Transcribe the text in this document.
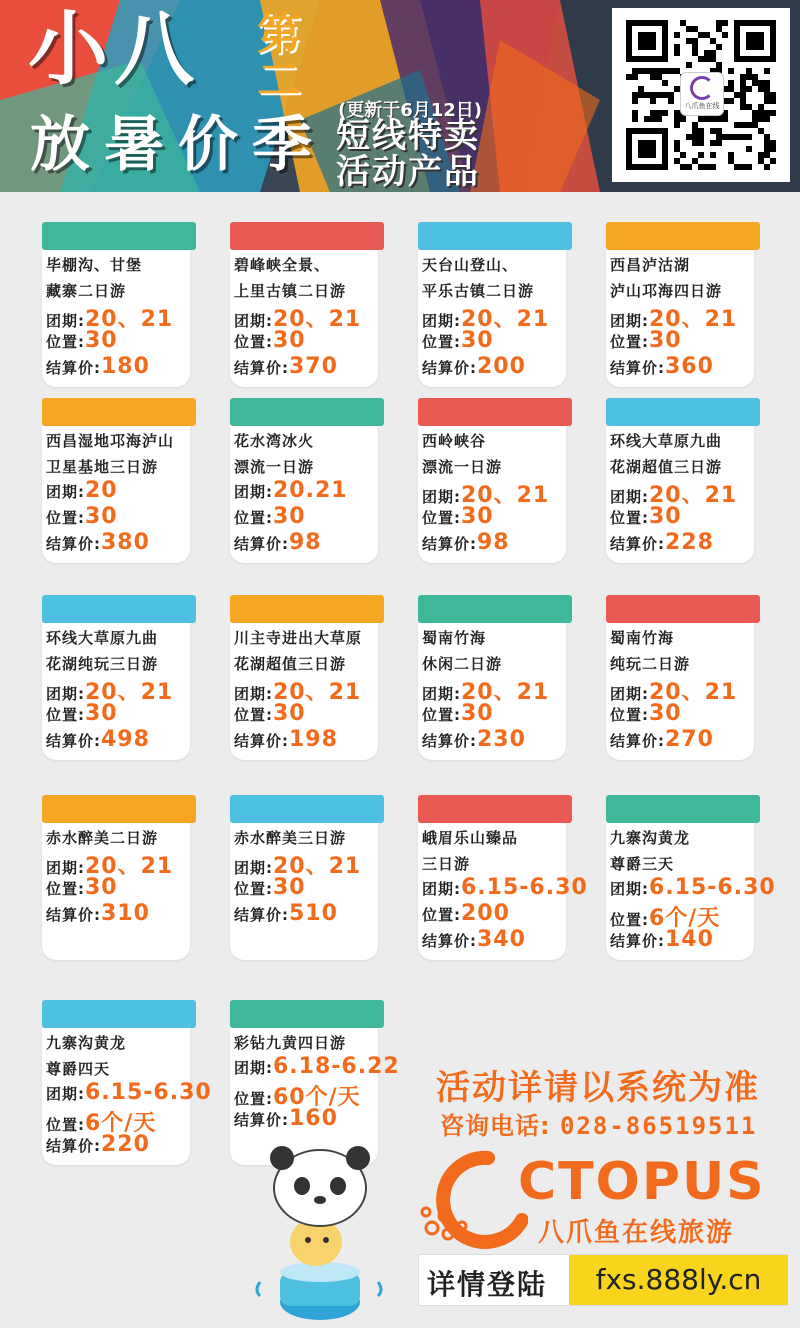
小八 第
二
放暑价季 (更新于6月12日)
短线特卖
活动产品
八爪鱼在线
毕棚沟、甘堡
藏寨二日游
团期:20、21
位置:30
结算价:180
碧峰峡全景、
上里古镇二日游
团期:20、21
位置:30
结算价:370
天台山登山、
平乐古镇二日游
团期:20、21
位置:30
结算价:200
西昌泸沽湖
泸山邛海四日游
团期:20、21
位置:30
结算价:360
西昌湿地邛海泸山
卫星基地三日游
团期:20
位置:30
结算价:380
花水湾冰火
漂流一日游
团期:20.21
位置:30
结算价:98
西岭峡谷
漂流一日游
团期:20、21
位置:30
结算价:98
环线大草原九曲
花湖超值三日游
团期:20、21
位置:30
结算价:228
环线大草原九曲
花湖纯玩三日游
团期:20、21
位置:30
结算价:498
川主寺进出大草原
花湖超值三日游
团期:20、21
位置:30
结算价:198
蜀南竹海
休闲二日游
团期:20、21
位置:30
结算价:230
蜀南竹海
纯玩二日游
团期:20、21
位置:30
结算价:270
赤水醉美二日游
团期:20、21
位置:30
结算价:310
赤水醉美三日游
团期:20、21
位置:30
结算价:510
峨眉乐山臻品
三日游
团期:6.15-6.30
位置:200
结算价:340
九寨沟黄龙
尊爵三天
团期:6.15-6.30
位置:6个/天
结算价:140
九寨沟黄龙
尊爵四天
团期:6.15-6.30
位置:6个/天
结算价:220
彩钻九黄四日游
团期:6.18-6.22
位置:60个/天
结算价:160
活动详请以系统为准
咨询电话: 028-86519511
CTOPUS
八爪鱼在线旅游
详情登陆	fxs.888ly.cn
